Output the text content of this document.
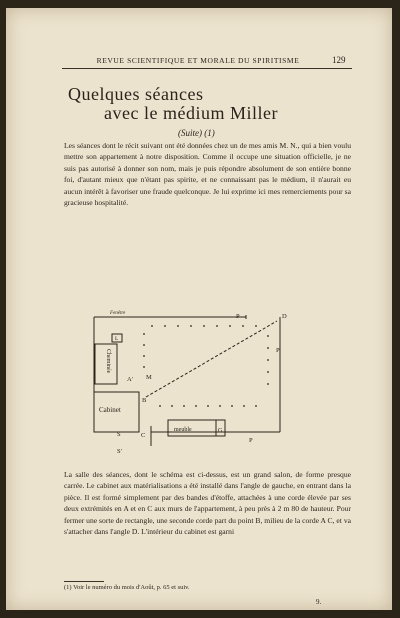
REVUE SCIENTIFIQUE ET MORALE DU SPIRITISME	129
Quelques séances
avec le médium Miller
(Suite) (1)
Les séances dont le récit suivant ont été données chez un de mes amis M. N., qui a bien voulu mettre son appartement à notre disposition. Comme il occupe une situation officielle, je ne suis pas autorisé à donner son nom, mais je puis répondre absolument de son entière bonne foi, d'autant mieux que n'étant pas spirite, et ne connaissant pas le médium, il n'aurait eu aucun intérêt à favoriser une fraude quelconque. Je lui exprime ici mes remerciements pour sa gracieuse hospitalité.
Fenêtre	P	D
L
P
Cheminée
A' M
B
Cabinet
S	C
S'
meuble	G
P
La salle des séances, dont le schéma est ci-dessus, est un grand salon, de forme presque carrée. Le cabinet aux matérialisations a été installé dans l'angle de gauche, en entrant dans la pièce. Il est formé simplement par des bandes d'étoffe, attachées à une corde élevée par ses deux extrémités en A et en C aux murs de l'appartement, à peu près à 2 m 80 de hauteur. Pour fermer une sorte de rectangle, une seconde corde part du point B, milieu de la corde A C, et va s'attacher dans l'angle D. L'intérieur du cabinet est garni
(1) Voir le numéro du mois d'Août, p. 65 et suiv.
9.
